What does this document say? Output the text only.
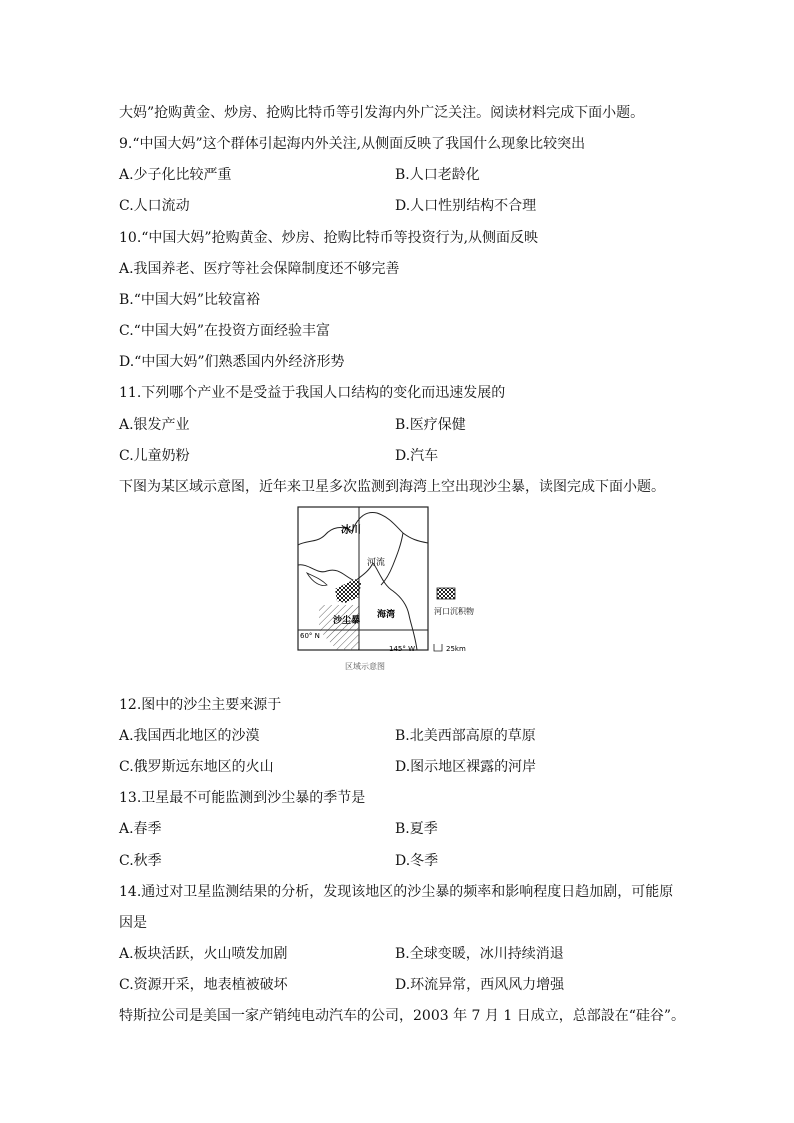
大妈”抢购黄金、炒房、抢购比特币等引发海内外广泛关注。阅读材料完成下面小题。
9.“中国大妈”这个群体引起海内外关注,从侧面反映了我国什么现象比较突出
A.少子化比较严重	B.人口老龄化
C.人口流动	D.人口性别结构不合理
10.“中国大妈”抢购黄金、炒房、抢购比特币等投资行为,从侧面反映
A.我国养老、医疗等社会保障制度还不够完善
B.“中国大妈”比较富裕
C.“中国大妈”在投资方面经验丰富
D.“中国大妈”们熟悉国内外经济形势
11.下列哪个产业不是受益于我国人口结构的变化而迅速发展的
A.银发产业	B.医疗保健
C.儿童奶粉	D.汽车
下图为某区域示意图，近年来卫星多次监测到海湾上空出现沙尘暴，读图完成下面小题。
冰川
河流
沙尘暴
海湾
60° N
145° W
河口沉积物
25km
区域示意图
12.图中的沙尘主要来源于
A.我国西北地区的沙漠	B.北美西部高原的草原
C.俄罗斯远东地区的火山	D.图示地区裸露的河岸
13.卫星最不可能监测到沙尘暴的季节是
A.春季	B.夏季
C.秋季	D.冬季
14.通过对卫星监测结果的分析，发现该地区的沙尘暴的频率和影响程度日趋加剧，可能原
因是
A.板块活跃，火山喷发加剧	B.全球变暖，冰川持续消退
C.资源开采，地表植被破坏	D.环流异常，西风风力增强
特斯拉公司是美国一家产销纯电动汽车的公司，2003 年 7 月 1 日成立，总部設在“硅谷”。
